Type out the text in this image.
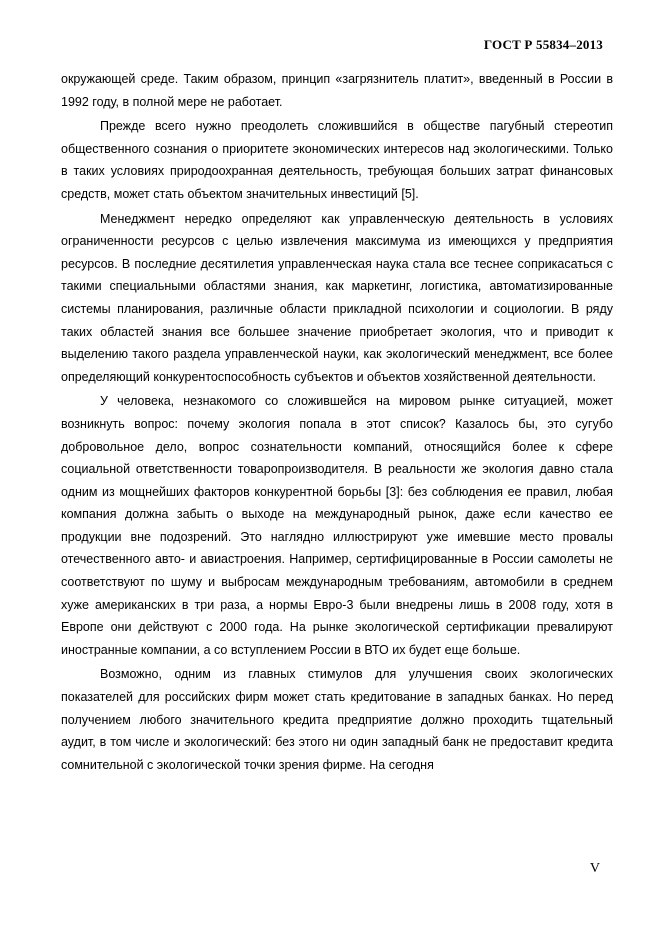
ГОСТ Р 55834–2013

окружающей среде. Таким образом, принцип «загрязнитель платит», введенный в России в 1992 году, в полной мере не работает.

Прежде всего нужно преодолеть сложившийся в обществе пагубный стереотип общественного сознания о приоритете экономических интересов над экологическими. Только в таких условиях природоохранная деятельность, требующая больших затрат финансовых средств, может стать объектом значительных инвестиций [5].

Менеджмент нередко определяют как управленческую деятельность в условиях ограниченности ресурсов с целью извлечения максимума из имеющихся у предприятия ресурсов. В последние десятилетия управленческая наука стала все теснее соприкасаться с такими специальными областями знания, как маркетинг, логистика, автоматизированные системы планирования, различные области прикладной психологии и социологии. В ряду таких областей знания все большее значение приобретает экология, что и приводит к выделению такого раздела управленческой науки, как экологический менеджмент, все более определяющий конкурентоспособность субъектов и объектов хозяйственной деятельности.

У человека, незнакомого со сложившейся на мировом рынке ситуацией, может возникнуть вопрос: почему экология попала в этот список? Казалось бы, это сугубо добровольное дело, вопрос сознательности компаний, относящийся более к сфере социальной ответственности товаропроизводителя. В реальности же экология давно стала одним из мощнейших факторов конкурентной борьбы [3]: без соблюдения ее правил, любая компания должна забыть о выходе на международный рынок, даже если качество ее продукции вне подозрений. Это наглядно иллюстрируют уже имевшие место провалы отечественного авто- и авиастроения. Например, сертифицированные в России самолеты не соответствуют по шуму и выбросам международным требованиям, автомобили в среднем хуже американских в три раза, а нормы Евро-3 были внедрены лишь в 2008 году, хотя в Европе они действуют с 2000 года. На рынке экологической сертификации превалируют иностранные компании, а со вступлением России в ВТО их будет еще больше.

Возможно, одним из главных стимулов для улучшения своих экологических показателей для российских фирм может стать кредитование в западных банках. Но перед получением любого значительного кредита предприятие должно проходить тщательный аудит, в том числе и экологический: без этого ни один западный банк не предоставит кредита сомнительной с экологической точки зрения фирме. На сегодня

V
